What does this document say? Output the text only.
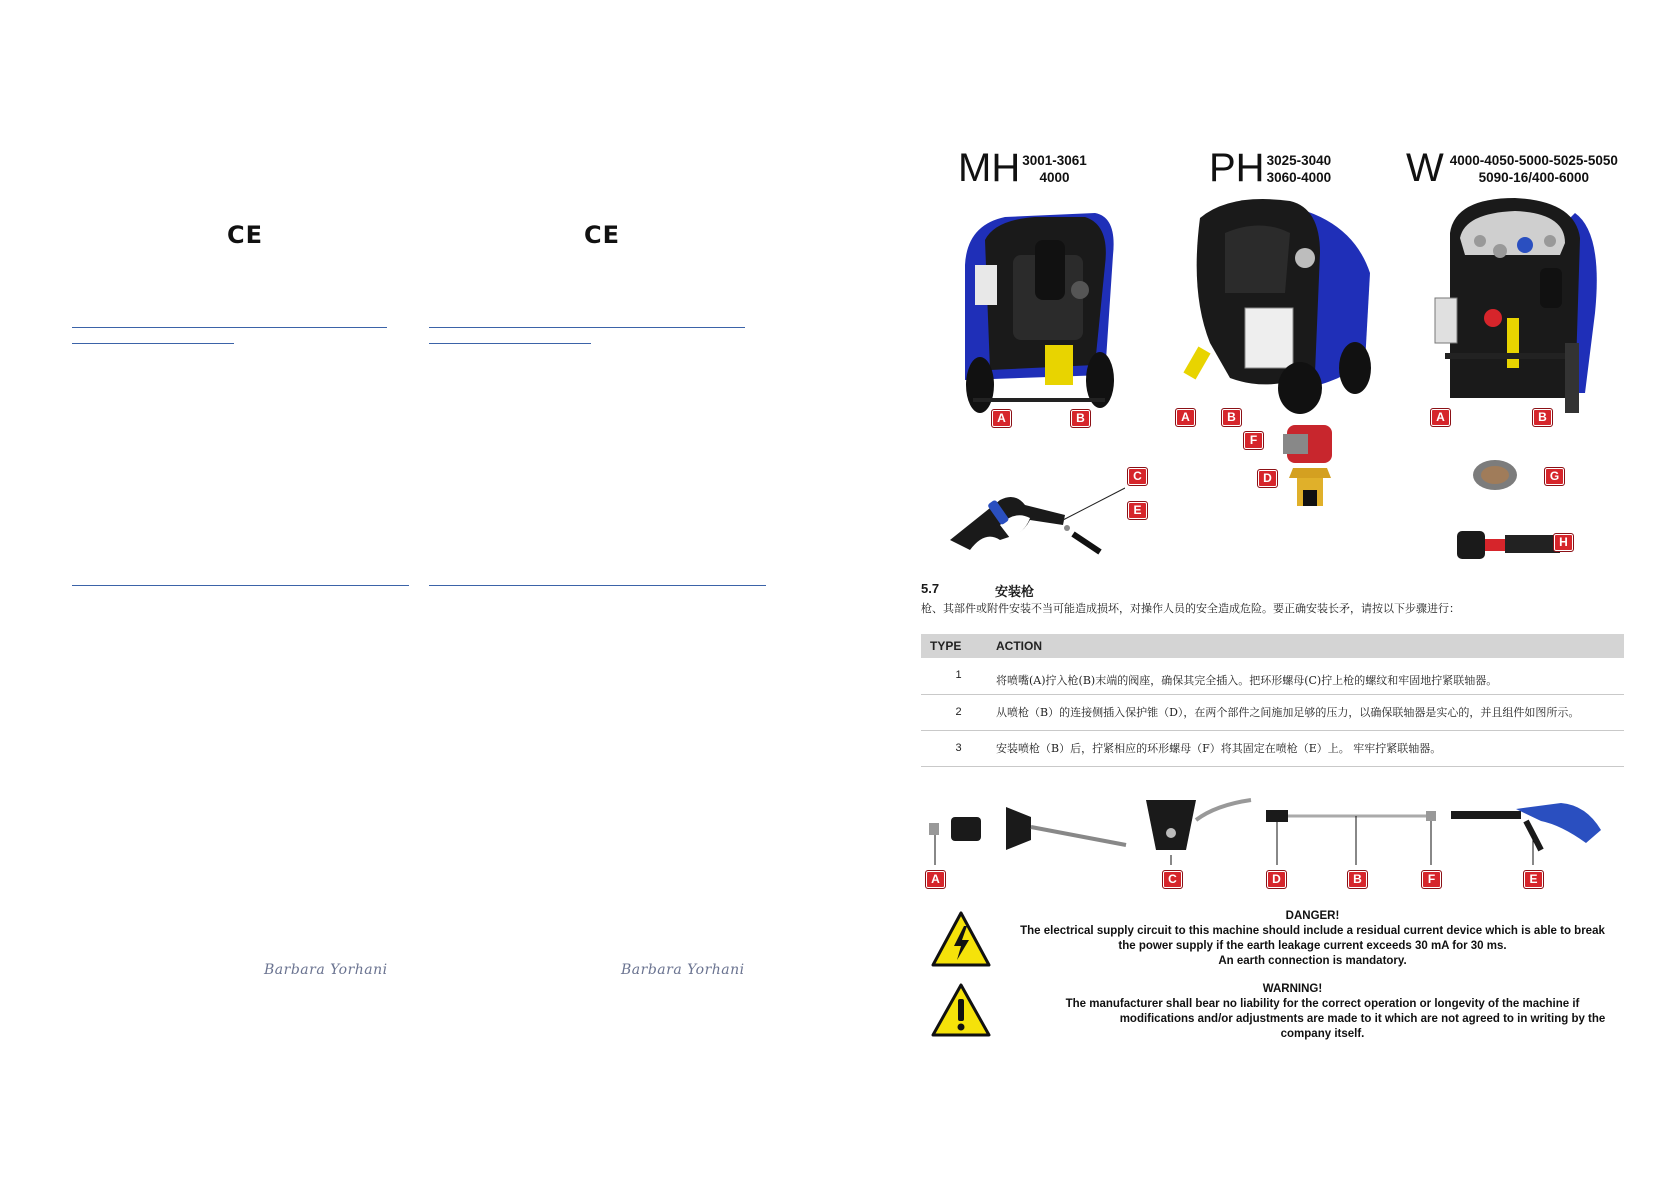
CE
Barbara Yorhani
CE
Barbara Yorhani
MH 3001-3061
4000	PH 3025-3040
3060-4000 W 4000-4050-5000-5025-5050
5090-16/400-6000
A	B
C
E
A	B
F
D
A	B
G
H
5.7	安装枪
枪、其部件或附件安装不当可能造成损坏，对操作人员的安全造成危险。要正确安装长矛，请按以下步骤进行：
TYPE	ACTION
1	将喷嘴(A)拧入枪(B)末端的阀座，确保其完全插入。把环形螺母(C)拧上枪的螺纹和牢固地拧紧联轴器。
2	从喷枪（B）的连接侧插入保护锥（D），在两个部件之间施加足够的压力，以确保联轴器是实心的，并且组件如图所示。
3	安装喷枪（B）后，拧紧相应的环形螺母（F）将其固定在喷枪（E）上。 牢牢拧紧联轴器。
A	C	D	B	F	E
DANGER!
The electrical supply circuit to this machine should include a residual current device which is able to break
the power supply if the earth leakage current exceeds 30 mA for 30 ms.
An earth connection is mandatory.
WARNING!
The manufacturer shall bear no liability for the correct operation or longevity of the machine if
modifications and/or adjustments are made to it which are not agreed to in writing by the
company itself.
